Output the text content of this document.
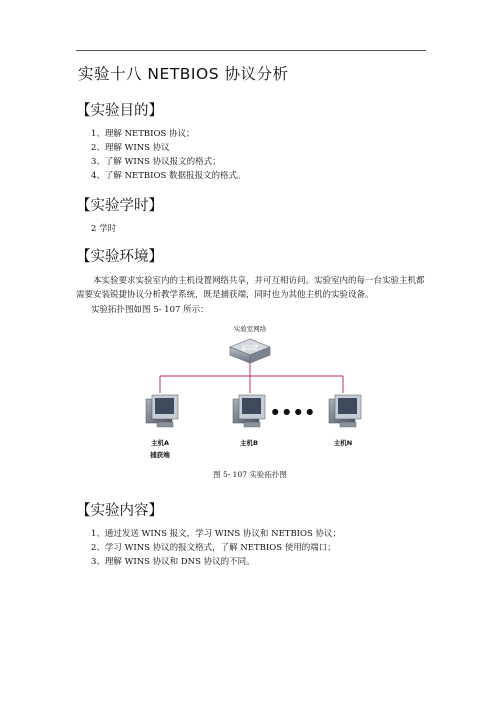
实验十八 NETBIOS 协议分析
【实验目的】
1、理解 NETBIOS 协议；
2、理解 WINS 协议
3、了解 WINS 协议报文的格式；
4、了解 NETBIOS 数据报报文的格式。
【实验学时】
2 学时
【实验环境】
本实验要求实验室内的主机设置网络共享，并可互相访问。实验室内的每一台实验主机都需要安装锐捷协议分析教学系统，既是捕获端，同时也为其他主机的实验设备。
实验拓扑图如图 5- 107 所示：
实验室网络
● ● ● ●
主机A
捕获端
主机B	主机N
图 5- 107 实验拓扑图
【实验内容】
1、通过发送 WINS 报文，学习 WINS 协议和 NETBIOS 协议；
2、学习 WINS 协议的报文格式，了解 NETBIOS 使用的端口；
3、理解 WINS 协议和 DNS 协议的不同。
